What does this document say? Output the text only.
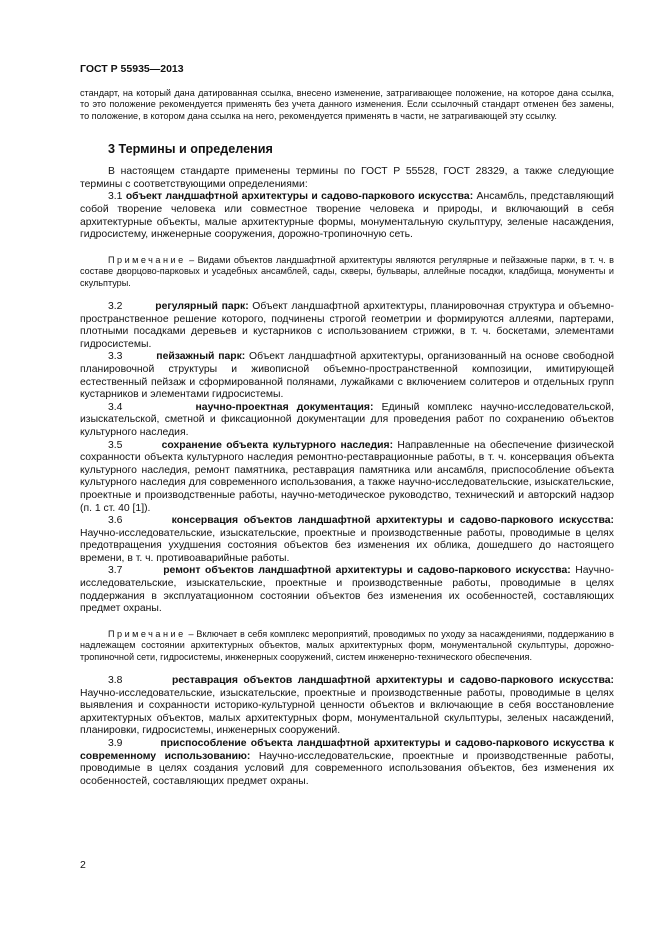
ГОСТ Р 55935—2013

стандарт, на который дана датированная ссылка, внесено изменение, затрагивающее положение, на которое дана ссылка, то это положение рекомендуется применять без учета данного изменения. Если ссылочный стандарт отменен без замены, то положение, в котором дана ссылка на него, рекомендуется применять в части, не затрагивающей эту ссылку.

3 Термины и определения

В настоящем стандарте применены термины по ГОСТ Р 55528, ГОСТ 28329, а также следующие термины с соответствующими определениями:

3.1 объект ландшафтной архитектуры и садово-паркового искусства: Ансамбль, представляющий собой творение человека или совместное творение человека и природы, и включающий в себя архитектурные объекты, малые архитектурные формы, монументальную скульптуру, зеленые насаждения, гидросистему, инженерные сооружения, дорожно-тропиночную сеть.

Примечание – Видами объектов ландшафтной архитектуры являются регулярные и пейзажные парки, в т. ч. в составе дворцово-парковых и усадебных ансамблей, сады, скверы, бульвары, аллейные посадки, кладбища, монументы и скульптуры.

3.2	регулярный парк: Объект ландшафтной архитектуры, планировочная структура и объемно-пространственное решение которого, подчинены строгой геометрии и формируются аллеями, партерами, плотными посадками деревьев и кустарников с использованием стрижки, в т. ч. боскетами, элементами гидросистемы.

3.3	пейзажный парк: Объект ландшафтной архитектуры, организованный на основе свободной планировочной структуры и живописной объемно-пространственной композиции, имитирующей естественный пейзаж и сформированной полянами, лужайками с включением солитеров и отдельных групп кустарников и элементами гидросистемы.

3.4	научно-проектная документация: Единый комплекс научно-исследовательской, изыскательской, сметной и фиксационной документации для проведения работ по сохранению объектов культурного наследия.

3.5	сохранение объекта культурного наследия: Направленные на обеспечение физической сохранности объекта культурного наследия ремонтно-реставрационные работы, в т. ч. консервация объекта культурного наследия, ремонт памятника, реставрация памятника или ансамбля, приспособление объекта культурного наследия для современного использования, а также научно-исследовательские, изыскательские, проектные и производственные работы, научно-методическое руководство, технический и авторский надзор (п. 1 ст. 40 [1]).

3.6	консервация объектов ландшафтной архитектуры и садово-паркового искусства: Научно-исследовательские, изыскательские, проектные и производственные работы, проводимые в целях предотвращения ухудшения состояния объектов без изменения их облика, дошедшего до настоящего времени, в т. ч. противоаварийные работы.

3.7	ремонт объектов ландшафтной архитектуры и садово-паркового искусства: Научно-исследовательские, изыскательские, проектные и производственные работы, проводимые в целях поддержания в эксплуатационном состоянии объектов без изменения их особенностей, составляющих предмет охраны.

Примечание – Включает в себя комплекс мероприятий, проводимых по уходу за насаждениями, поддержанию в надлежащем состоянии архитектурных объектов, малых архитектурных форм, монументальной скульптуры, дорожно-тропиночной сети, гидросистемы, инженерных сооружений, систем инженерно-технического обеспечения.

3.8	реставрация объектов ландшафтной архитектуры и садово-паркового искусства: Научно-исследовательские, изыскательские, проектные и производственные работы, проводимые в целях выявления и сохранности историко-культурной ценности объектов и включающие в себя восстановление архитектурных объектов, малых архитектурных форм, монументальной скульптуры, зеленых насаждений, планировки, гидросистемы, инженерных сооружений.

3.9	приспособление объекта ландшафтной архитектуры и садово-паркового искусства к современному использованию: Научно-исследовательские, проектные и производственные работы, проводимые в целях создания условий для современного использования объектов, без изменения их особенностей, составляющих предмет охраны.

2
